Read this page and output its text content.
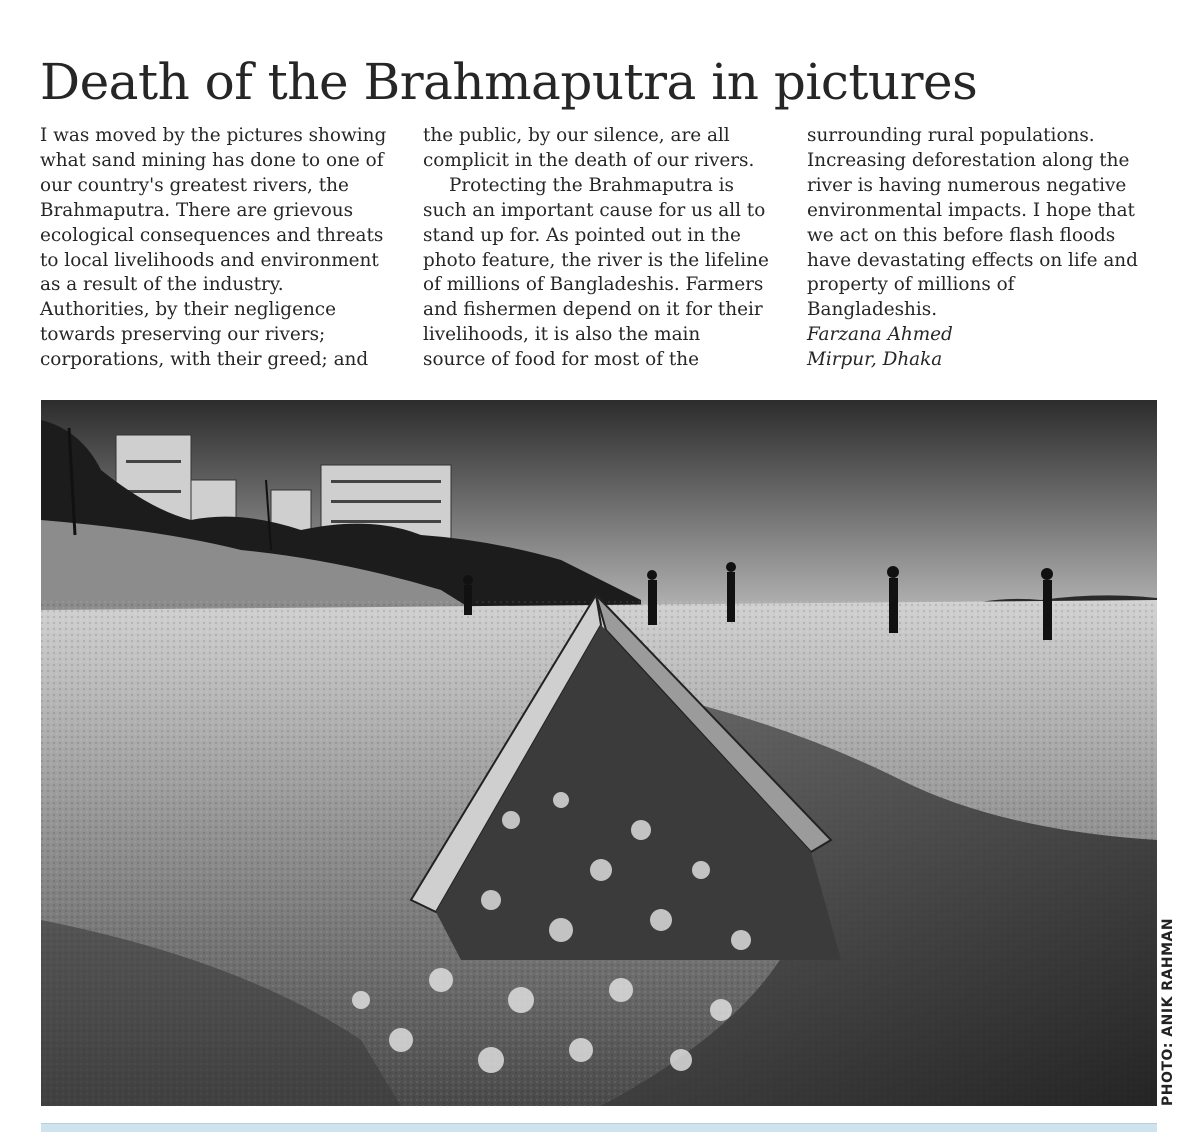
Death of the Brahmaputra in pictures

I was moved by the pictures showing
what sand mining has done to one of
our country's greatest rivers, the
Brahmaputra. There are grievous
ecological consequences and threats
to local livelihoods and environment
as a result of the industry.
Authorities, by their negligence
towards preserving our rivers;
corporations, with their greed; and

the public, by our silence, are all
complicit in the death of our rivers.

Protecting the Brahmaputra is
such an important cause for us all to
stand up for. As pointed out in the
photo feature, the river is the lifeline
of millions of Bangladeshis. Farmers
and fishermen depend on it for their
livelihoods, it is also the main
source of food for most of the

surrounding rural populations.
Increasing deforestation along the
river is having numerous negative
environmental impacts. I hope that
we act on this before flash floods
have devastating effects on life and
property of millions of
Bangladeshis.

Farzana Ahmed

Mirpur, Dhaka

PHOTO: ANIK RAHMAN
